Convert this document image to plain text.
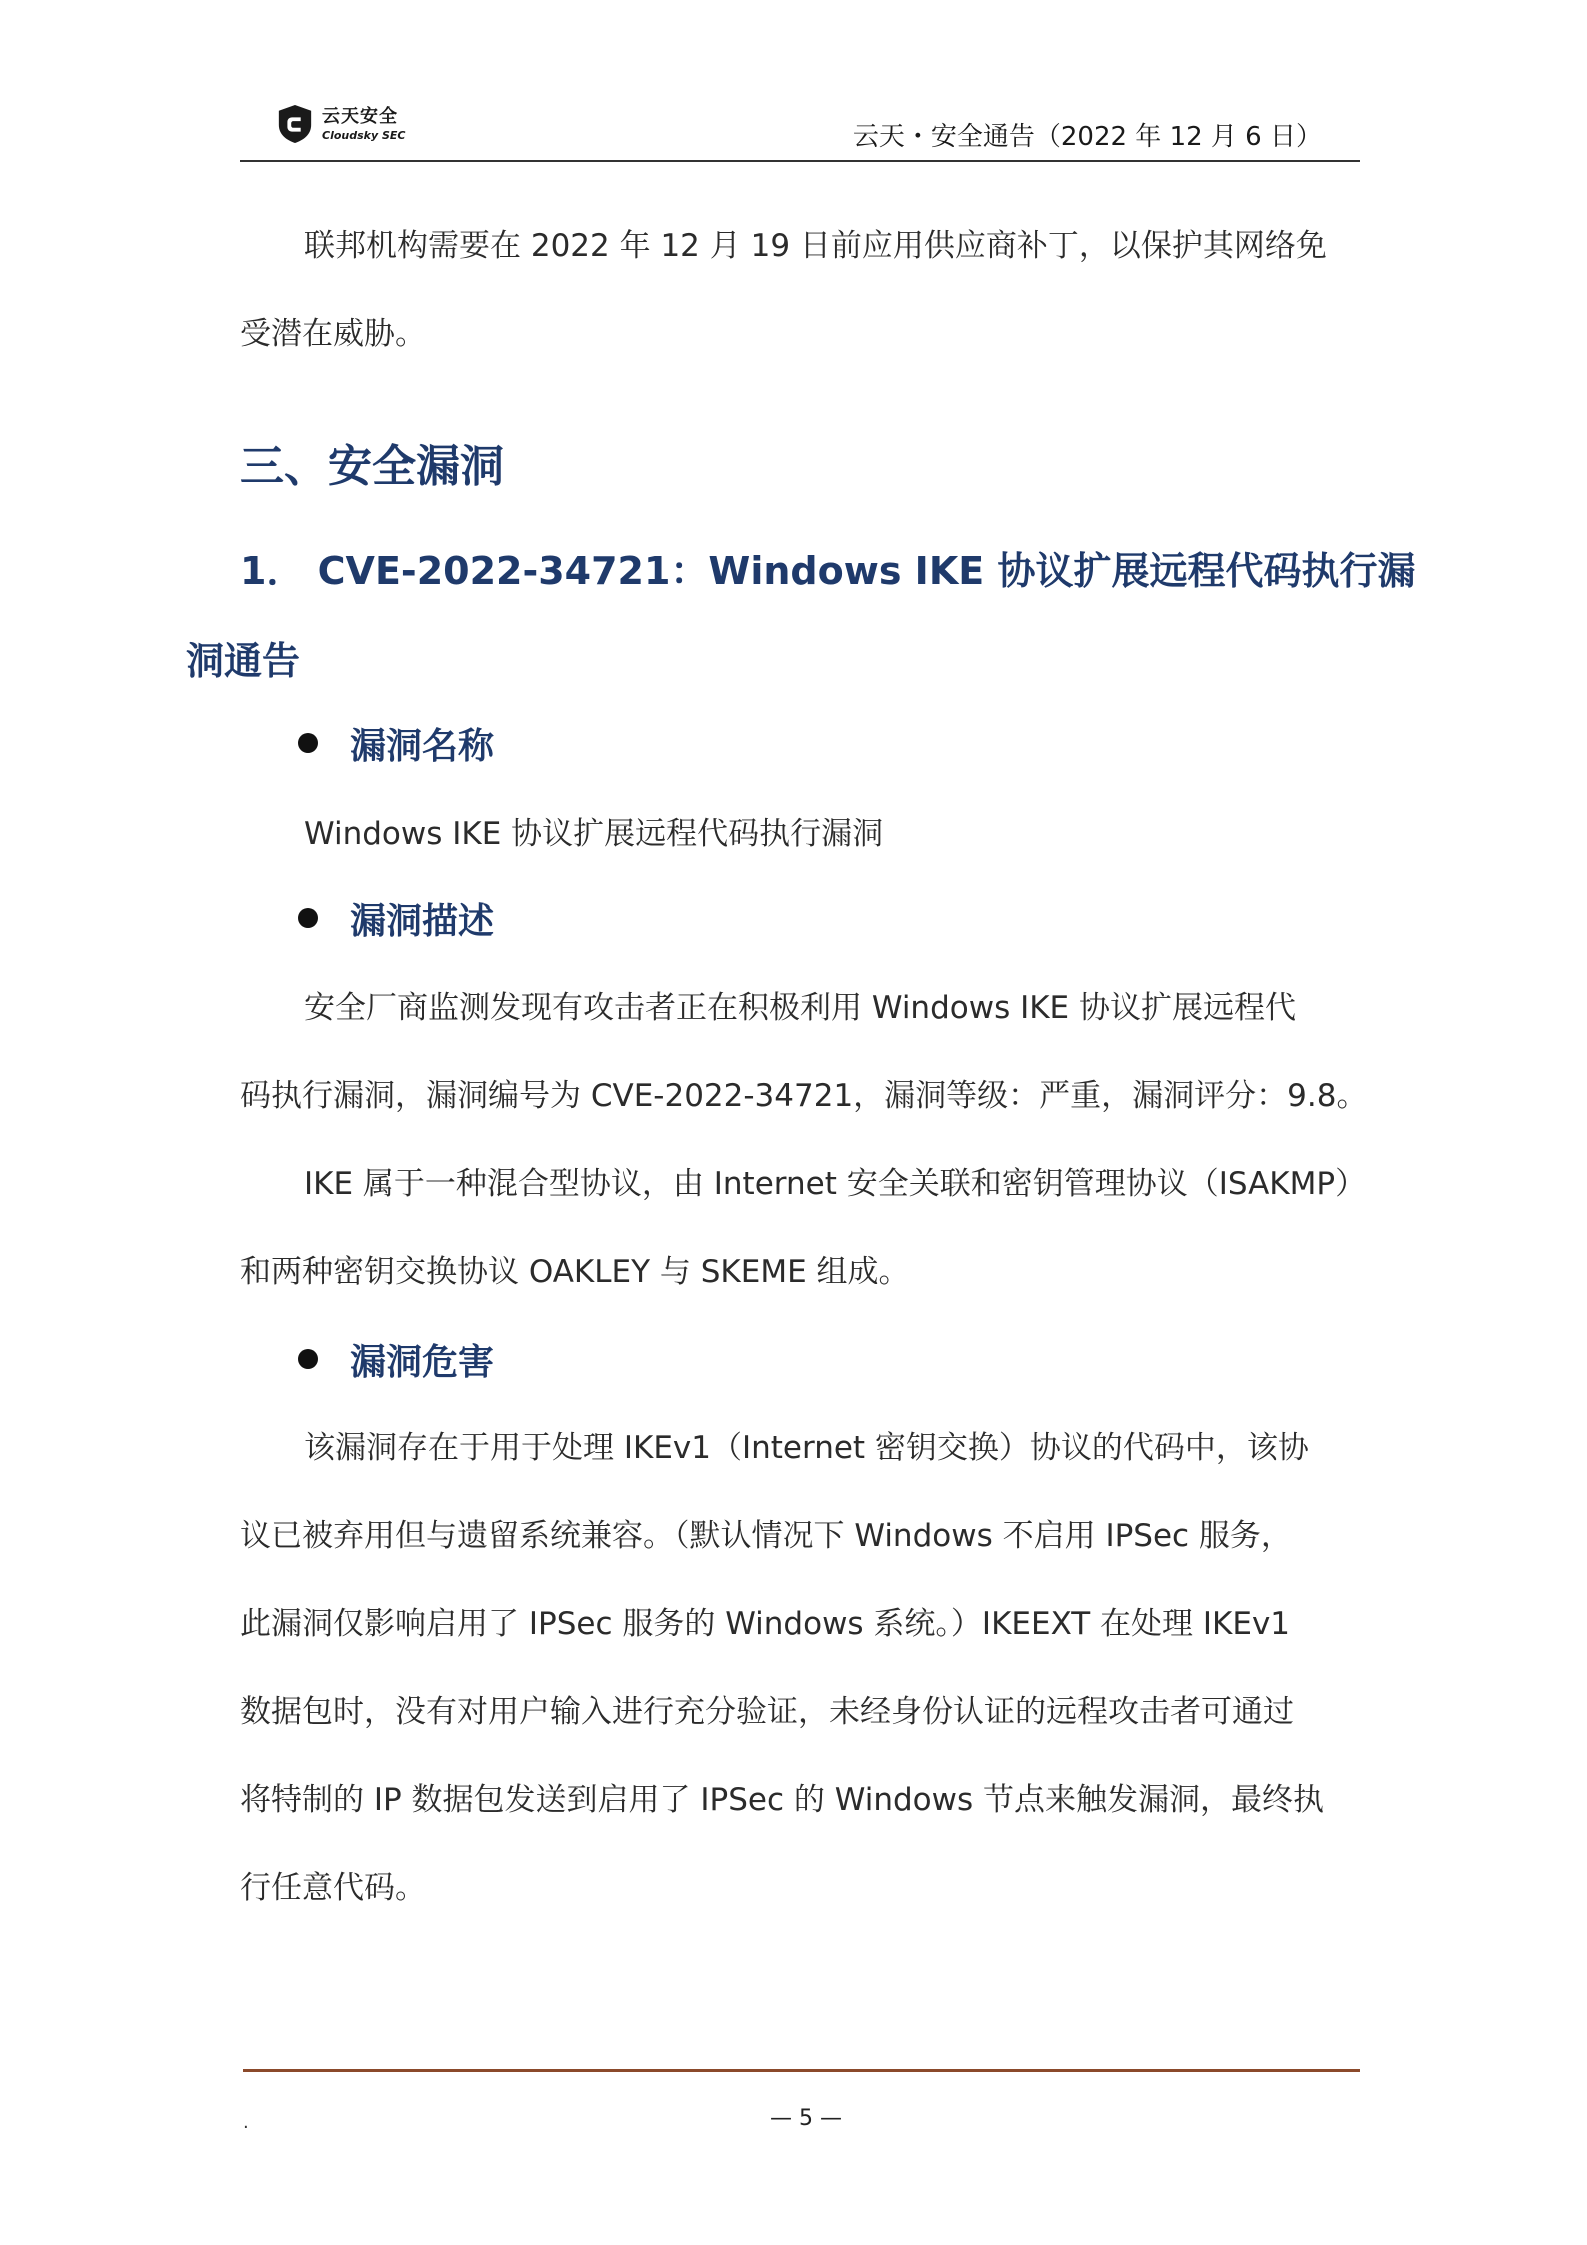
云天安全
Cloudsky SEC	云天・安全通告（2022 年 12 月 6 日）
联邦机构需要在 2022 年 12 月 19 日前应用供应商补丁，以保护其网络免
受潜在威胁。
三、安全漏洞
1． CVE-2022-34721：Windows IKE 协议扩展远程代码执行漏
洞通告
漏洞名称
Windows IKE 协议扩展远程代码执行漏洞
漏洞描述
安全厂商监测发现有攻击者正在积极利用 Windows IKE 协议扩展远程代
码执行漏洞，漏洞编号为 CVE-2022-34721，漏洞等级：严重，漏洞评分：9.8。
IKE 属于一种混合型协议，由 Internet 安全关联和密钥管理协议（ISAKMP）
和两种密钥交换协议 OAKLEY 与 SKEME 组成。
漏洞危害
该漏洞存在于用于处理 IKEv1（Internet 密钥交换）协议的代码中，该协
议已被弃用但与遗留系统兼容。（默认情况下 Windows 不启用 IPSec 服务，
此漏洞仅影响启用了 IPSec 服务的 Windows 系统。）IKEEXT 在处理 IKEv1
数据包时，没有对用户输入进行充分验证，未经身份认证的远程攻击者可通过
将特制的 IP 数据包发送到启用了 IPSec 的 Windows 节点来触发漏洞，最终执
行任意代码。
.	— 5 —
